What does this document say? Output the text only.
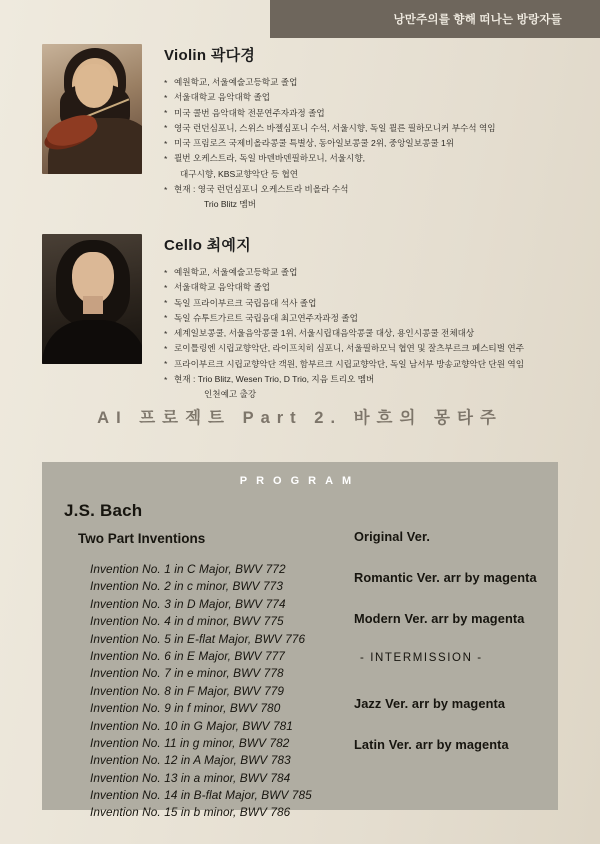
낭만주의를 향해 떠나는 방랑자들
Violin 곽다경
* 예원학교, 서울예술고등학교 졸업
* 서울대학교 음악대학 졸업
* 미국 콜번 음악대학 전문연주자과정 졸업
* 영국 런던심포니, 스위스 바젤심포니 수석, 서울시향, 독일 쾰른 필하모니커 부수석 역임
* 미국 프림로즈 국제비올라콩쿨 특별상, 동아일보콩쿨 2위, 중앙일보콩쿨 1위
* 쾰번 오케스트라, 독일 바덴바덴필하모니, 서울시향,
대구시향, KBS교향악단 등 협연
* 현재 : 영국 런던심포니 오케스트라 비올라 수석
Trio Blitz 멤버
Cello 최예지
* 예원학교, 서울예술고등학교 졸업
* 서울대학교 음악대학 졸업
* 독일 프라이부르크 국립음대 석사 졸업
* 독일 슈투트가르트 국립음대 최고연주자과정 졸업
* 세계일보콩쿨, 서울음악콩쿨 1위, 서울시립대음악콩쿨 대상, 용인시콩쿨 전체대상
* 로이틀링엔 시립교향악단, 라이프치히 심포니, 서울필하모닉 협연 및 잘츠부르크 페스티벌 연주
* 프라이부르크 시립교향악단 객원, 함부르크 시립교향악단, 독일 남서부 방송교향악단 단원 역임
* 현재 : Trio Blitz, Wesen Trio, D Trio, 지음 트리오 멤버
인천예고 출강
AI 프로젝트 Part 2. 바흐의 몽타주
PROGRAM
J.S. Bach
Two Part Inventions
Invention No. 1 in C Major, BWV 772
Invention No. 2 in c minor, BWV 773
Invention No. 3 in D Major, BWV 774
Invention No. 4 in d minor, BWV 775
Invention No. 5 in E-flat Major, BWV 776
Invention No. 6 in E Major, BWV 777
Invention No. 7 in e minor, BWV 778
Invention No. 8 in F Major, BWV 779
Invention No. 9 in f minor, BWV 780
Invention No. 10 in G Major, BWV 781
Invention No. 11 in g minor, BWV 782
Invention No. 12 in A Major, BWV 783
Invention No. 13 in a minor, BWV 784
Invention No. 14 in B-flat Major, BWV 785
Invention No. 15 in b minor, BWV 786
Original Ver.
Romantic Ver. arr by magenta
Modern Ver. arr by magenta
- INTERMISSION -
Jazz Ver. arr by magenta
Latin Ver. arr by magenta
